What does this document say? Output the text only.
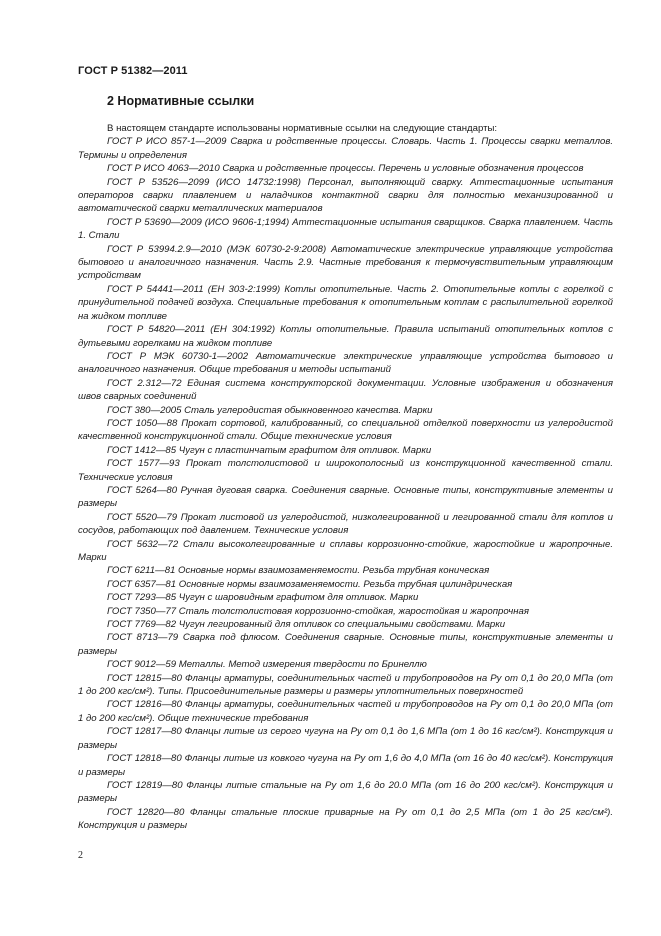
ГОСТ Р 51382—2011
2 Нормативные ссылки

В настоящем стандарте использованы нормативные ссылки на следующие стандарты:

ГОСТ Р ИСО 857-1—2009 Сварка и родственные процессы. Словарь. Часть 1. Процессы сварки металлов. Термины и определения

ГОСТ Р ИСО 4063—2010 Сварка и родственные процессы. Перечень и условные обозначения процессов

ГОСТ Р 53526—2099 (ИСО 14732:1998) Персонал, выполняющий сварку. Аттестационные испытания операторов сварки плавлением и наладчиков контактной сварки для полностью механизированной и автоматической сварки металлических материалов

ГОСТ Р 53690—2009 (ИСО 9606-1;1994) Аттестационные испытания сварщиков. Сварка плавлением. Часть 1. Стали

ГОСТ Р 53994.2.9—2010 (МЭК 60730-2-9:2008) Автоматические электрические управляющие устройства бытового и аналогичного назначения. Часть 2.9. Частные требования к термочувствительным управляющим устройствам

ГОСТ Р 54441—2011 (ЕН 303-2:1999) Котлы отопительные. Часть 2. Отопительные котлы с горелкой с принудительной подачей воздуха. Специальные требования к отопительным котлам с распылительной горелкой на жидком топливе

ГОСТ Р 54820—2011 (ЕН 304:1992) Котлы отопительные. Правила испытаний отопительных котлов с дутьевыми горелками на жидком топливе

ГОСТ Р МЭК 60730-1—2002 Автоматические электрические управляющие устройства бытового и аналогичного назначения. Общие требования и методы испытаний

ГОСТ 2.312—72 Единая система конструкторской документации. Условные изображения и обозначения швов сварных соединений

ГОСТ 380—2005 Сталь углеродистая обыкновенного качества. Марки

ГОСТ 1050—88 Прокат сортовой, калиброванный, со специальной отделкой поверхности из углеродистой качественной конструкционной стали. Общие технические условия

ГОСТ 1412—85 Чугун с пластинчатым графитом для отливок. Марки

ГОСТ 1577—93 Прокат толстолистовой и широкополосный из конструкционной качественной стали. Технические условия

ГОСТ 5264—80 Ручная дуговая сварка. Соединения сварные. Основные типы, конструктивные элементы и размеры

ГОСТ 5520—79 Прокат листовой из углеродистой, низколегированной и легированной стали для котлов и сосудов, работающих под давлением. Технические условия

ГОСТ 5632—72 Стали высоколегированные и сплавы коррозионно-стойкие, жаростойкие и жаропрочные. Марки

ГОСТ 6211—81 Основные нормы взаимозаменяемости. Резьба трубная коническая

ГОСТ 6357—81 Основные нормы взаимозаменяемости. Резьба трубная цилиндрическая

ГОСТ 7293—85 Чугун с шаровидным графитом для отливок. Марки

ГОСТ 7350—77 Сталь толстолистовая коррозионно-стойкая, жаростойкая и жаропрочная

ГОСТ 7769—82 Чугун легированный для отливок со специальными свойствами. Марки

ГОСТ 8713—79 Сварка под флюсом. Соединения сварные. Основные типы, конструктивные элементы и размеры

ГОСТ 9012—59 Металлы. Метод измерения твердости по Бринеллю

ГОСТ 12815—80 Фланцы арматуры, соединительных частей и трубопроводов на Pу от 0,1 до 20,0 МПа (от 1 до 200 кгс/см²). Типы. Присоединительные размеры и размеры уплотнительных поверхностей

ГОСТ 12816—80 Фланцы арматуры, соединительных частей и трубопроводов на Pу от 0,1 до 20,0 МПа (от 1 до 200 кгс/см²). Общие технические требования

ГОСТ 12817—80 Фланцы литые из серого чугуна на Pу от 0,1 до 1,6 МПа (от 1 до 16 кгс/см²). Конструкция и размеры

ГОСТ 12818—80 Фланцы литые из ковкого чугуна на Pу от 1,6 до 4,0 МПа (от 16 до 40 кгс/см²). Конструкция и размеры

ГОСТ 12819—80 Фланцы литые стальные на Pу от 1,6 до 20.0 МПа (от 16 до 200 кгс/см²). Конструкция и размеры

ГОСТ 12820—80 Фланцы стальные плоские приварные на Pу от 0,1 до 2,5 МПа (от 1 до 25 кгс/см²). Конструкция и размеры

2
